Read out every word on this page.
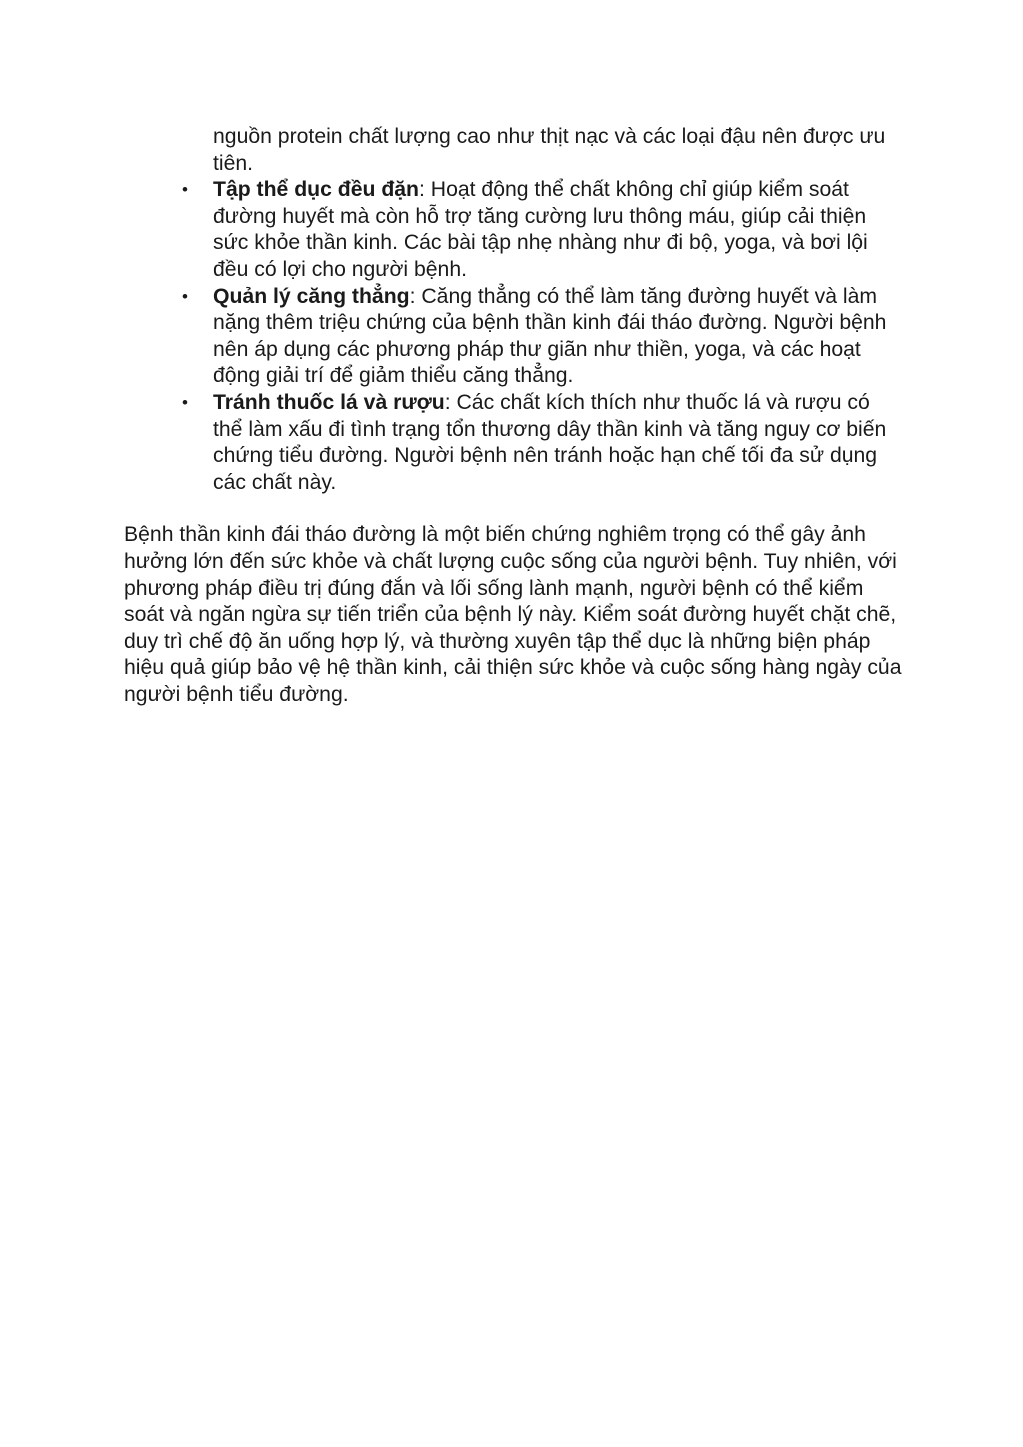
nguồn protein chất lượng cao như thịt nạc và các loại đậu nên được ưu tiên.

• Tập thể dục đều đặn: Hoạt động thể chất không chỉ giúp kiểm soát đường huyết mà còn hỗ trợ tăng cường lưu thông máu, giúp cải thiện sức khỏe thần kinh. Các bài tập nhẹ nhàng như đi bộ, yoga, và bơi lội đều có lợi cho người bệnh.
• Quản lý căng thẳng: Căng thẳng có thể làm tăng đường huyết và làm nặng thêm triệu chứng của bệnh thần kinh đái tháo đường. Người bệnh nên áp dụng các phương pháp thư giãn như thiền, yoga, và các hoạt động giải trí để giảm thiểu căng thẳng.
• Tránh thuốc lá và rượu: Các chất kích thích như thuốc lá và rượu có thể làm xấu đi tình trạng tổn thương dây thần kinh và tăng nguy cơ biến chứng tiểu đường. Người bệnh nên tránh hoặc hạn chế tối đa sử dụng các chất này.

Bệnh thần kinh đái tháo đường là một biến chứng nghiêm trọng có thể gây ảnh hưởng lớn đến sức khỏe và chất lượng cuộc sống của người bệnh. Tuy nhiên, với phương pháp điều trị đúng đắn và lối sống lành mạnh, người bệnh có thể kiểm soát và ngăn ngừa sự tiến triển của bệnh lý này. Kiểm soát đường huyết chặt chẽ, duy trì chế độ ăn uống hợp lý, và thường xuyên tập thể dục là những biện pháp hiệu quả giúp bảo vệ hệ thần kinh, cải thiện sức khỏe và cuộc sống hàng ngày của người bệnh tiểu đường.
